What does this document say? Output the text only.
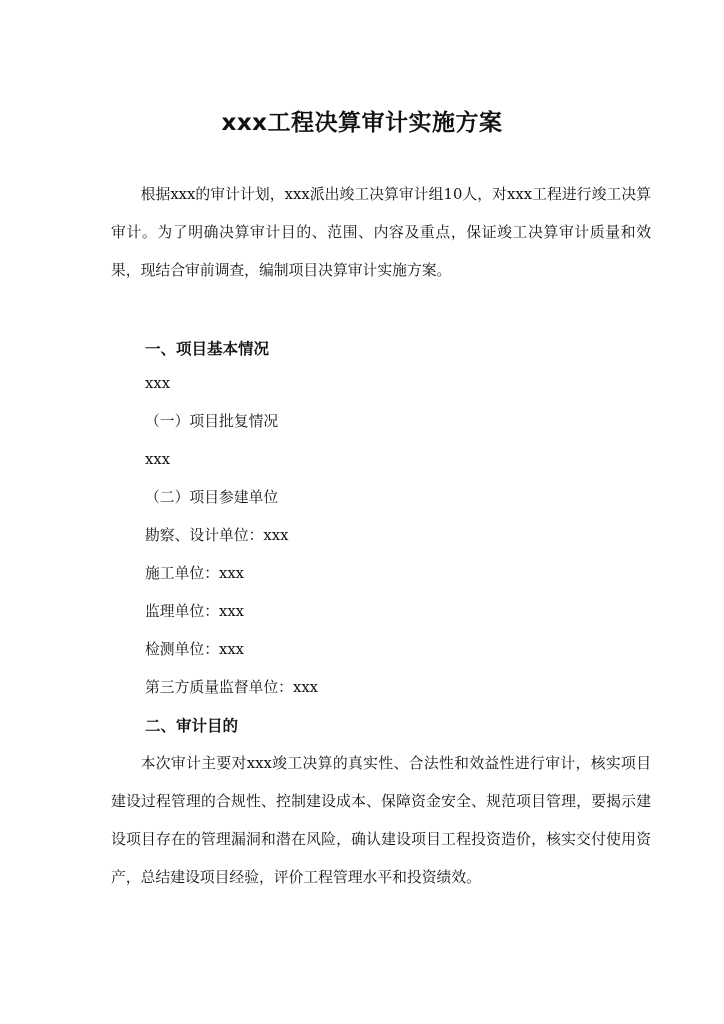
xxx工程决算审计实施方案

根据xxx的审计计划，xxx派出竣工决算审计组10人，对xxx工程进行竣工决算审计。为了明确决算审计目的、范围、内容及重点，保证竣工决算审计质量和效果，现结合审前调查，编制项目决算审计实施方案。

一、项目基本情况
xxx
（一）项目批复情况
xxx
（二）项目参建单位
勘察、设计单位：xxx
施工单位：xxx
监理单位：xxx
检测单位：xxx
第三方质量监督单位：xxx
二、审计目的

本次审计主要对xxx竣工决算的真实性、合法性和效益性进行审计，核实项目建设过程管理的合规性、控制建设成本、保障资金安全、规范项目管理，要揭示建设项目存在的管理漏洞和潜在风险，确认建设项目工程投资造价，核实交付使用资产，总结建设项目经验，评价工程管理水平和投资绩效。
